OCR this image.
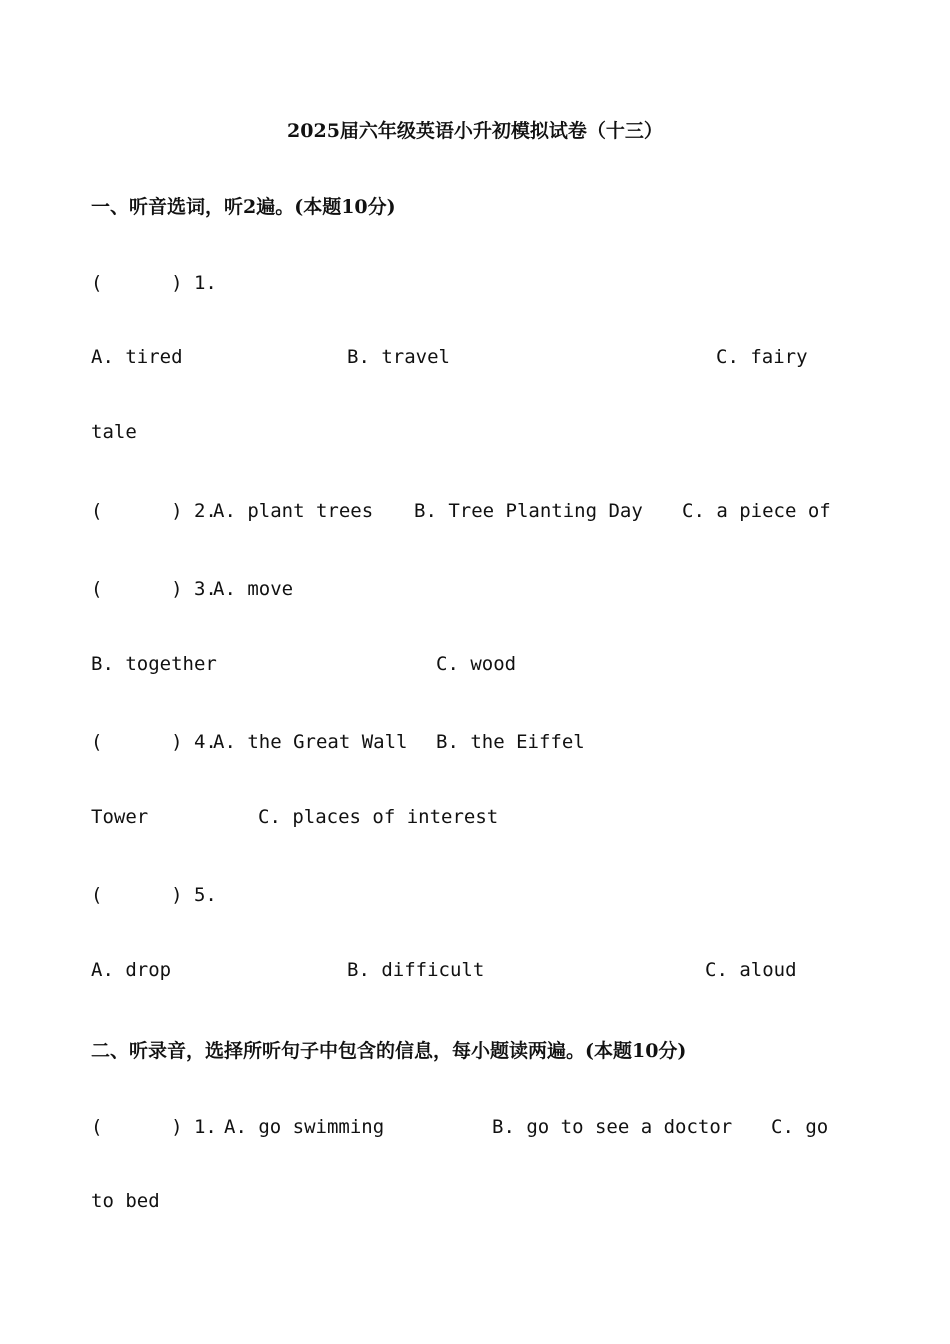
2025届六年级英语小升初模拟试卷（十三）
一、听音选词，听2遍。(本题10分)
(      ) 1.
A. tired	B. travel	C. fairy
tale
(      ) 2.
A. plant trees B. Tree Planting Day C. a piece of
(      ) 3.
A. move
B. together	C. wood
(      ) 4.
A. the Great Wall B. the Eiffel
Tower	C. places of interest
(      ) 5.
A. drop	B. difficult	C. aloud
二、听录音，选择所听句子中包含的信息，每小题读两遍。(本题10分)
(      ) 1. A. go swimming	B. go to see a doctor C. go
to bed
